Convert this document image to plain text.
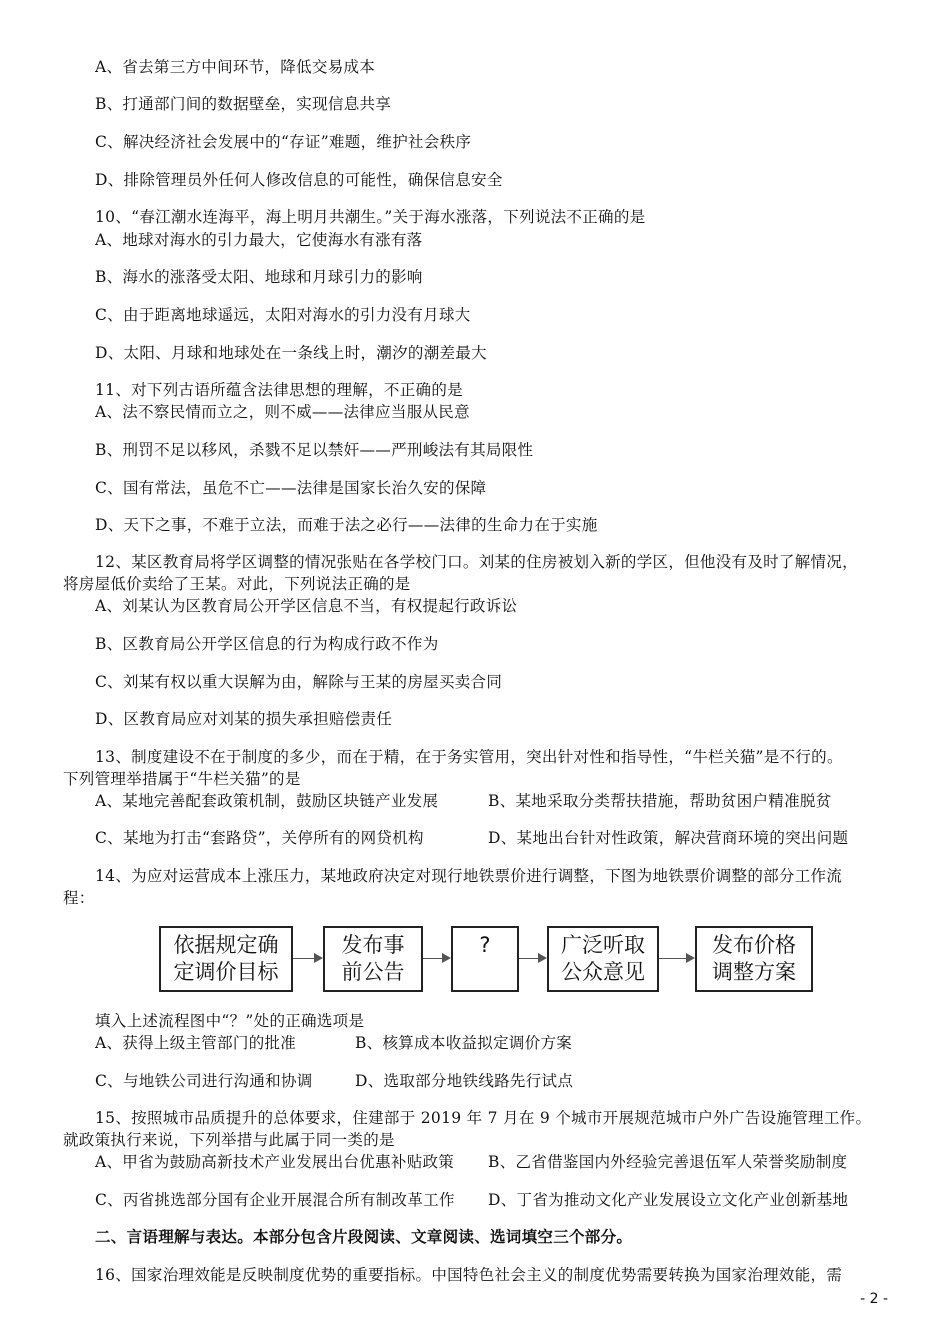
A、省去第三方中间环节，降低交易成本
B、打通部门间的数据壁垒，实现信息共享
C、解决经济社会发展中的“存证”难题，维护社会秩序
D、排除管理员外任何人修改信息的可能性，确保信息安全
10、“春江潮水连海平，海上明月共潮生。”关于海水涨落，下列说法不正确的是
A、地球对海水的引力最大，它使海水有涨有落
B、海水的涨落受太阳、地球和月球引力的影响
C、由于距离地球遥远，太阳对海水的引力没有月球大
D、太阳、月球和地球处在一条线上时，潮汐的潮差最大
11、对下列古语所蕴含法律思想的理解，不正确的是
A、法不察民情而立之，则不威——法律应当服从民意
B、刑罚不足以移风，杀戮不足以禁奸——严刑峻法有其局限性
C、国有常法，虽危不亡——法律是国家长治久安的保障
D、天下之事，不难于立法，而难于法之必行——法律的生命力在于实施
12、某区教育局将学区调整的情况张贴在各学校门口。刘某的住房被划入新的学区，但他没有及时了解情况，
将房屋低价卖给了王某。对此，下列说法正确的是
A、刘某认为区教育局公开学区信息不当，有权提起行政诉讼
B、区教育局公开学区信息的行为构成行政不作为
C、刘某有权以重大误解为由，解除与王某的房屋买卖合同
D、区教育局应对刘某的损失承担赔偿责任
13、制度建设不在于制度的多少，而在于精，在于务实管用，突出针对性和指导性，“牛栏关猫”是不行的。
下列管理举措属于“牛栏关猫”的是
A、某地完善配套政策机制，鼓励区块链产业发展	B、某地采取分类帮扶措施，帮助贫困户精准脱贫
C、某地为打击“套路贷”，关停所有的网贷机构	D、某地出台针对性政策，解决营商环境的突出问题
14、为应对运营成本上涨压力，某地政府决定对现行地铁票价进行调整，下图为地铁票价调整的部分工作流
程：
依据规定确
定调价目标
发布事
前公告
?	广泛听取
公众意见
发布价格
调整方案
填入上述流程图中“？”处的正确选项是
A、获得上级主管部门的批准	B、核算成本收益拟定调价方案
C、与地铁公司进行沟通和协调	D、选取部分地铁线路先行试点
15、按照城市品质提升的总体要求，住建部于 2019 年 7 月在 9 个城市开展规范城市户外广告设施管理工作。
就政策执行来说，下列举措与此属于同一类的是
A、甲省为鼓励高新技术产业发展出台优惠补贴政策 B、乙省借鉴国内外经验完善退伍军人荣誉奖励制度
C、丙省挑选部分国有企业开展混合所有制改革工作 D、丁省为推动文化产业发展设立文化产业创新基地
二、言语理解与表达。本部分包含片段阅读、文章阅读、选词填空三个部分。
16、国家治理效能是反映制度优势的重要指标。中国特色社会主义的制度优势需要转换为国家治理效能，需
- 2 -
